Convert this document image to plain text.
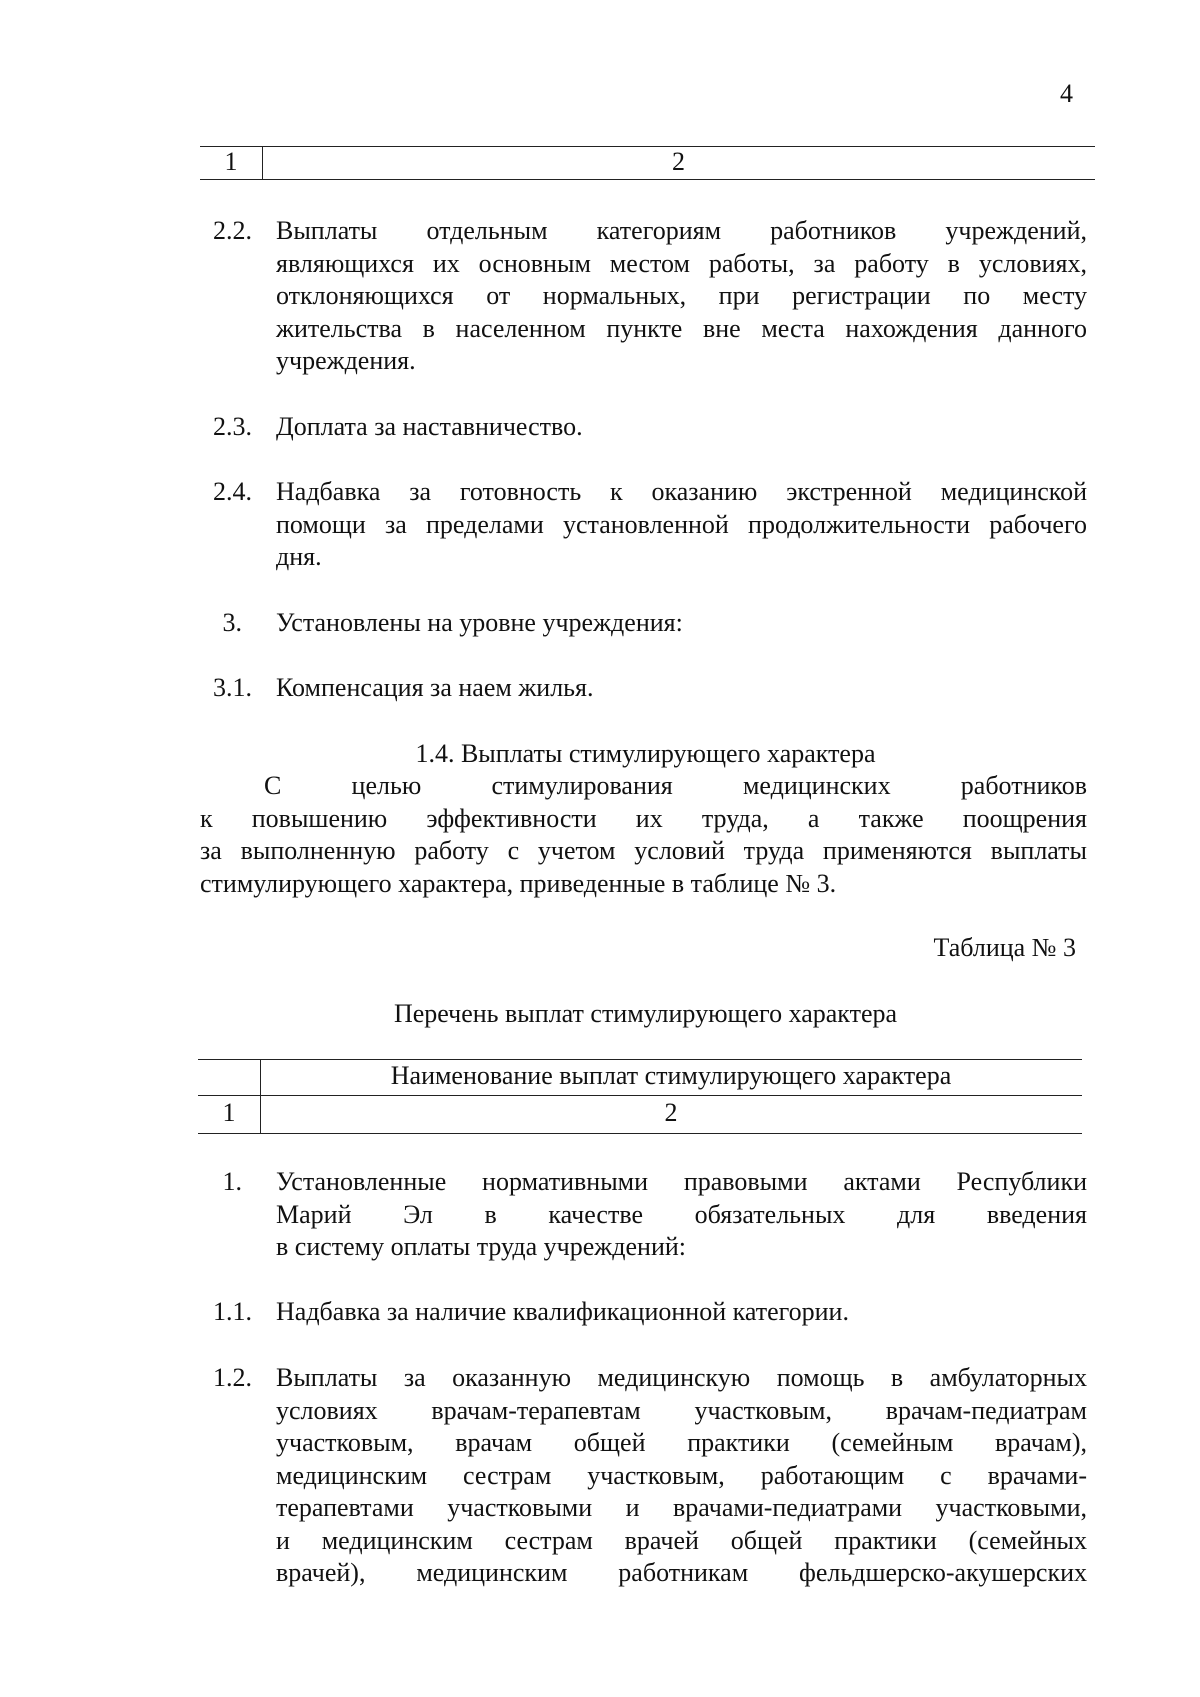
4
1	2
2.2. Выплаты отдельным категориям работников учреждений,
являющихся их основным местом работы, за работу в условиях,
отклоняющихся от нормальных, при регистрации по месту
жительства в населенном пункте вне места нахождения данного
учреждения.
2.3. Доплата за наставничество.
2.4. Надбавка за готовность к оказанию экстренной медицинской
помощи за пределами установленной продолжительности рабочего
дня.
3. Установлены на уровне учреждения:
3.1. Компенсация за наем жилья.
1.4. Выплаты стимулирующего характера
С целью стимулирования медицинских работников
к повышению эффективности их труда, а также поощрения
за выполненную работу с учетом условий труда применяются выплаты
стимулирующего характера, приведенные в таблице № 3.
Таблица № 3
Перечень выплат стимулирующего характера
Наименование выплат стимулирующего характера
1	2
1. Установленные нормативными правовыми актами Республики
Марий Эл в качестве обязательных для введения
в систему оплаты труда учреждений:
1.1. Надбавка за наличие квалификационной категории.
1.2. Выплаты за оказанную медицинскую помощь в амбулаторных
условиях врачам-терапевтам участковым, врачам-педиатрам
участковым, врачам общей практики (семейным врачам),
медицинским сестрам участковым, работающим с врачами-
терапевтами участковыми и врачами-педиатрами участковыми,
и медицинским сестрам врачей общей практики (семейных
врачей), медицинским работникам фельдшерско-акушерских
